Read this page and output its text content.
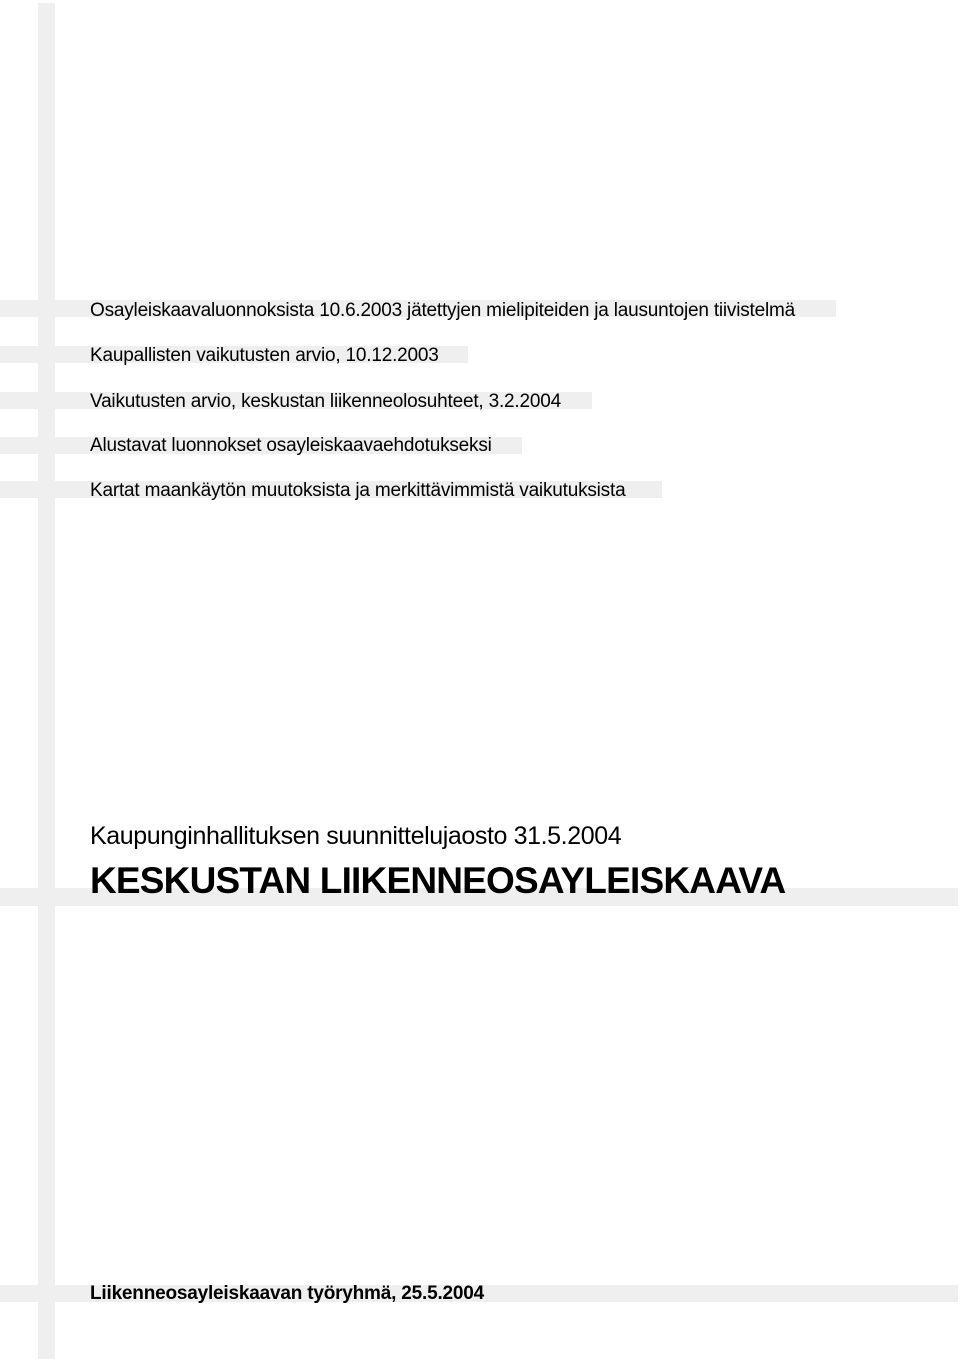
Kaupunginhallituksen suunnittelujaosto 31.5.2004
KESKUSTAN LIIKENNEOSAYLEISKAAVA
Osayleiskaavaluonnoksista 10.6.2003 jätettyjen mielipiteiden ja lausuntojen tiivistelmä
Kaupallisten vaikutusten arvio, 10.12.2003
Vaikutusten arvio, keskustan liikenneolosuhteet, 3.2.2004
Alustavat luonnokset osayleiskaavaehdotukseksi
Kartat maankäytön muutoksista ja merkittävimmistä vaikutuksista
Liikenneosayleiskaavan työryhmä, 25.5.2004
